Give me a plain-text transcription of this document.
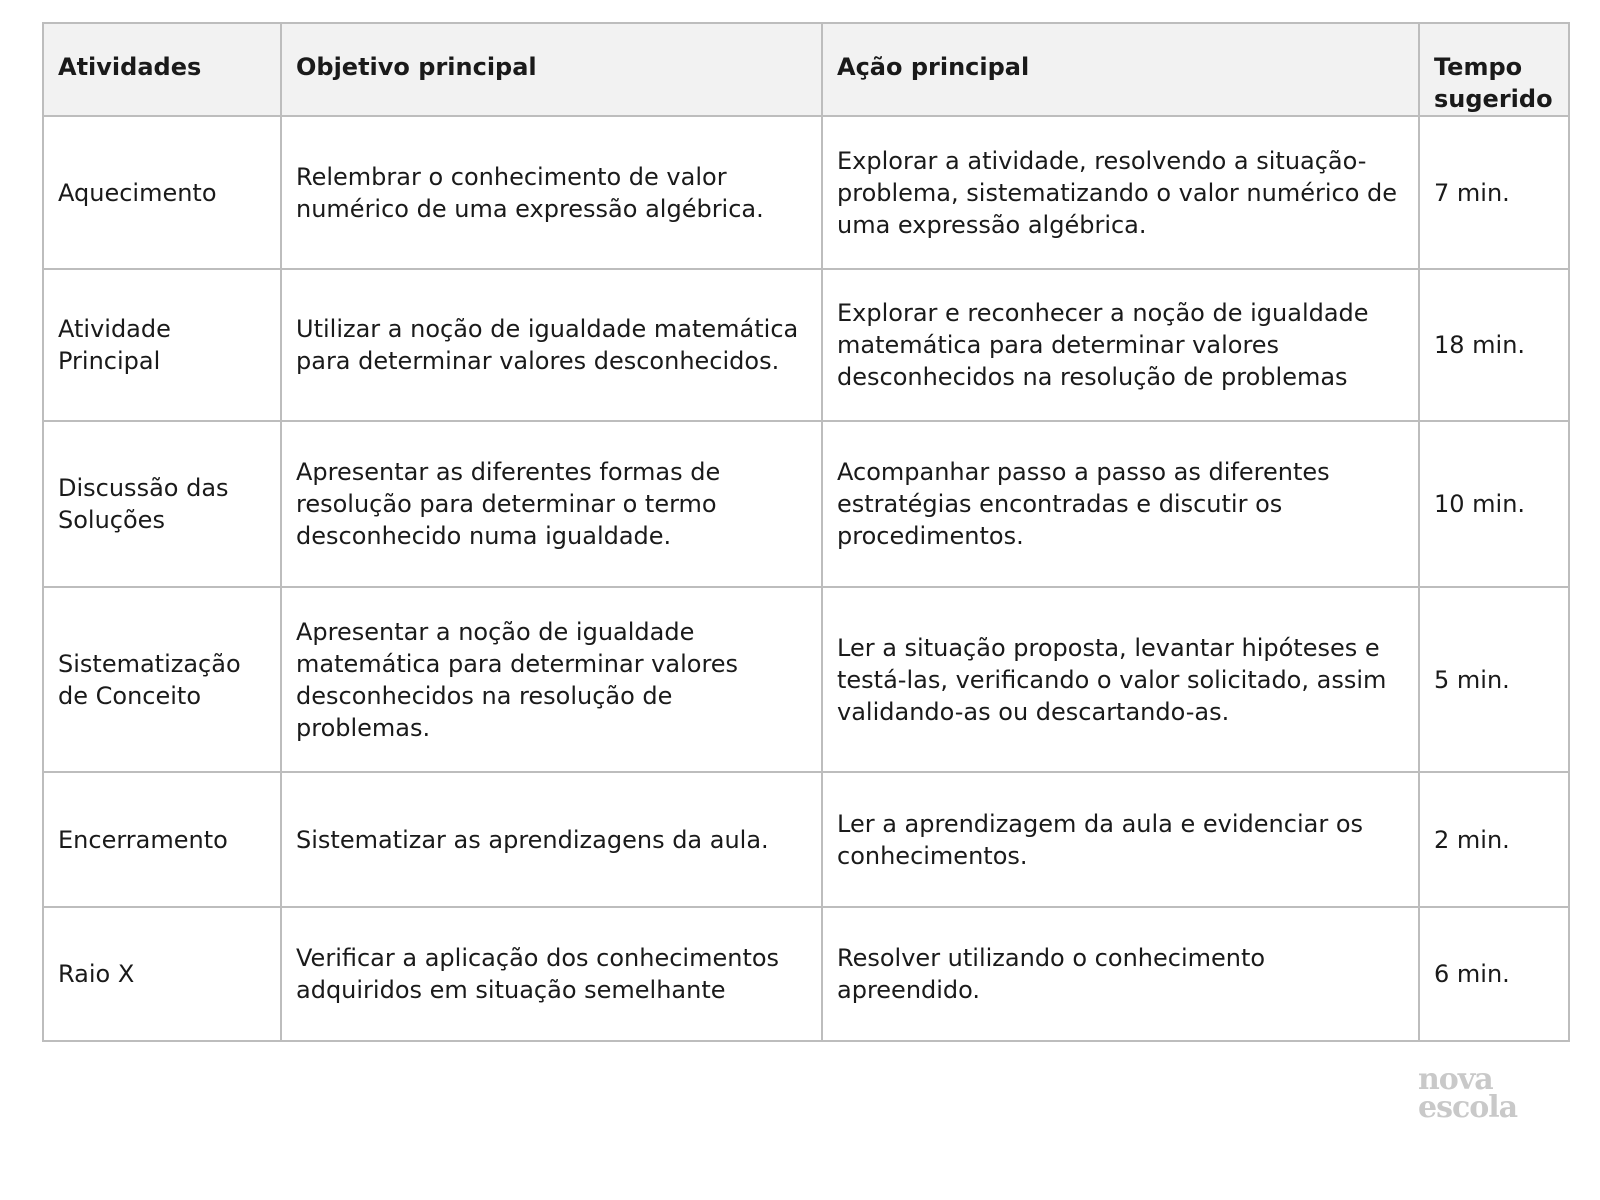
Atividades	Objetivo principal	Ação principal	Tempo sugerido
Aquecimento	Relembrar o conhecimento de valor numérico de uma expressão algébrica.	Explorar a atividade, resolvendo a situação-problema, sistematizando o valor numérico de uma expressão algébrica.	7 min.
Atividade Principal	Utilizar a noção de igualdade matemática para determinar valores desconhecidos.	Explorar e reconhecer a noção de igualdade matemática para determinar valores desconhecidos na resolução de problemas	18 min.
Discussão das Soluções	Apresentar as diferentes formas de resolução para determinar o termo desconhecido numa igualdade.	Acompanhar passo a passo as diferentes estratégias encontradas e discutir os procedimentos.	10 min.
Sistematização de Conceito	Apresentar a noção de igualdade matemática para determinar valores desconhecidos na resolução de problemas.	Ler a situação proposta, levantar hipóteses e testá-las, verificando o valor solicitado, assim validando-as ou descartando-as.	5 min.
Encerramento	Sistematizar as aprendizagens da aula.	Ler a aprendizagem da aula e evidenciar os conhecimentos.	2 min.
Raio X	Verificar a aplicação dos conhecimentos adquiridos em situação semelhante	Resolver utilizando o conhecimento apreendido.	6 min.
nova
escola
